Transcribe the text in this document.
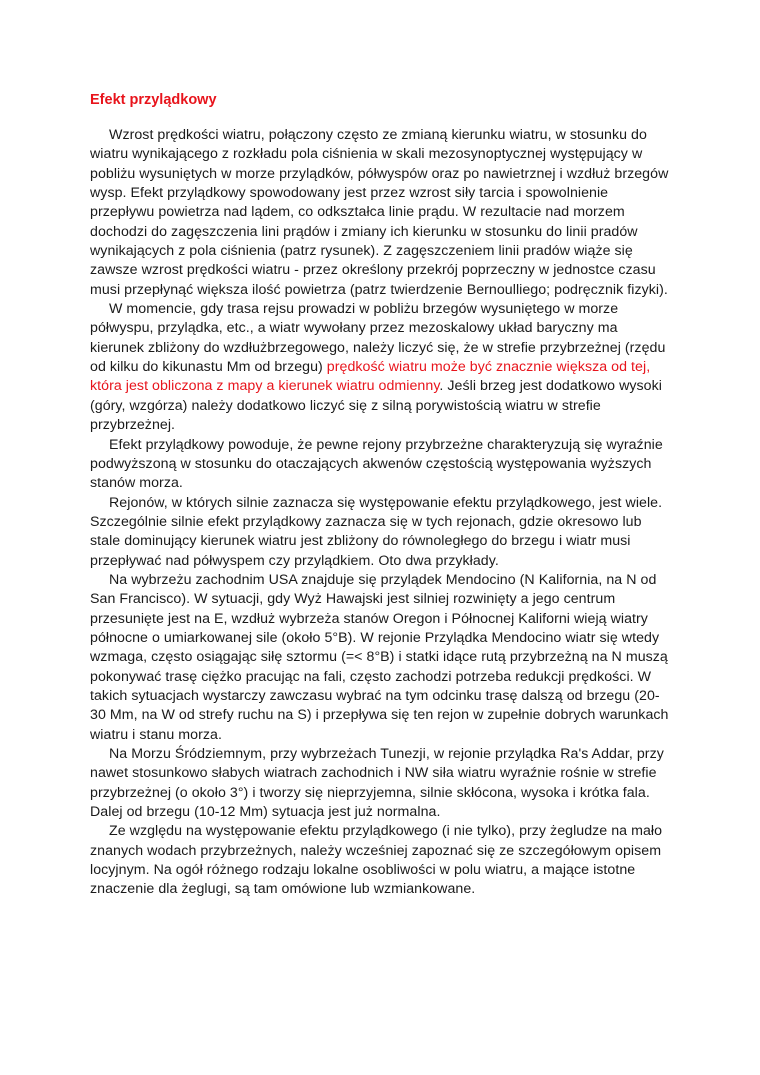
Efekt przylądkowy

Wzrost prędkości wiatru, połączony często ze zmianą kierunku wiatru, w stosunku do wiatru wynikającego z rozkładu pola ciśnienia w skali mezosynoptycznej występujący w pobliżu wysuniętych w morze przylądków, półwyspów oraz po nawietrznej i wzdłuż brzegów wysp. Efekt przylądkowy spowodowany jest przez wzrost siły tarcia i spowolnienie przepływu powietrza nad lądem, co odkształca linie prądu. W rezultacie nad morzem dochodzi do zagęszczenia lini prądów i zmiany ich kierunku w stosunku do linii pradów wynikających z pola ciśnienia (patrz rysunek). Z zagęszczeniem linii pradów wiąże się zawsze wzrost prędkości wiatru - przez określony przekrój poprzeczny w jednostce czasu musi przepłynąć większa ilość powietrza (patrz twierdzenie Bernoulliego; podręcznik fizyki).

W momencie, gdy trasa rejsu prowadzi w pobliżu brzegów wysuniętego w morze półwyspu, przylądka, etc., a wiatr wywołany przez mezoskalowy układ baryczny ma kierunek zbliżony do wzdłużbrzegowego, należy liczyć się, że w strefie przybrzeżnej (rzędu od kilku do kikunastu Mm od brzegu) prędkość wiatru może być znacznie większa od tej, która jest obliczona z mapy a kierunek wiatru odmienny. Jeśli brzeg jest dodatkowo wysoki (góry, wzgórza) należy dodatkowo liczyć się z silną porywistością wiatru w strefie przybrzeżnej.

Efekt przylądkowy powoduje, że pewne rejony przybrzeżne charakteryzują się wyraźnie podwyższoną w stosunku do otaczających akwenów częstością występowania wyższych stanów morza.

Rejonów, w których silnie zaznacza się występowanie efektu przylądkowego, jest wiele. Szczególnie silnie efekt przylądkowy zaznacza się w tych rejonach, gdzie okresowo lub stale dominujący kierunek wiatru jest zbliżony do równoległego do brzegu i wiatr musi przepływać nad półwyspem czy przylądkiem. Oto dwa przykłady.

Na wybrzeżu zachodnim USA znajduje się przylądek Mendocino (N Kalifornia, na N od San Francisco). W sytuacji, gdy Wyż Hawajski jest silniej rozwinięty a jego centrum przesunięte jest na E, wzdłuż wybrzeża stanów Oregon i Północnej Kaliforni wieją wiatry północne o umiarkowanej sile (około 5°B). W rejonie Przylądka Mendocino wiatr się wtedy wzmaga, często osiągając siłę sztormu (=< 8°B) i statki idące rutą przybrzeżną na N muszą pokonywać trasę ciężko pracując na fali, często zachodzi potrzeba redukcji prędkości. W takich sytuacjach wystarczy zawczasu wybrać na tym odcinku trasę dalszą od brzegu (20-30 Mm, na W od strefy ruchu na S) i przepływa się ten rejon w zupełnie dobrych warunkach wiatru i stanu morza.

Na Morzu Śródziemnym, przy wybrzeżach Tunezji, w rejonie przylądka Ra's Addar, przy nawet stosunkowo słabych wiatrach zachodnich i NW siła wiatru wyraźnie rośnie w strefie przybrzeżnej (o około 3°) i tworzy się nieprzyjemna, silnie skłócona, wysoka i krótka fala. Dalej od brzegu (10-12 Mm) sytuacja jest już normalna.

Ze względu na występowanie efektu przylądkowego (i nie tylko), przy żegludze na mało znanych wodach przybrzeżnych, należy wcześniej zapoznać się ze szczegółowym opisem locyjnym. Na ogół różnego rodzaju lokalne osobliwości w polu wiatru, a mające istotne znaczenie dla żeglugi, są tam omówione lub wzmiankowane.
